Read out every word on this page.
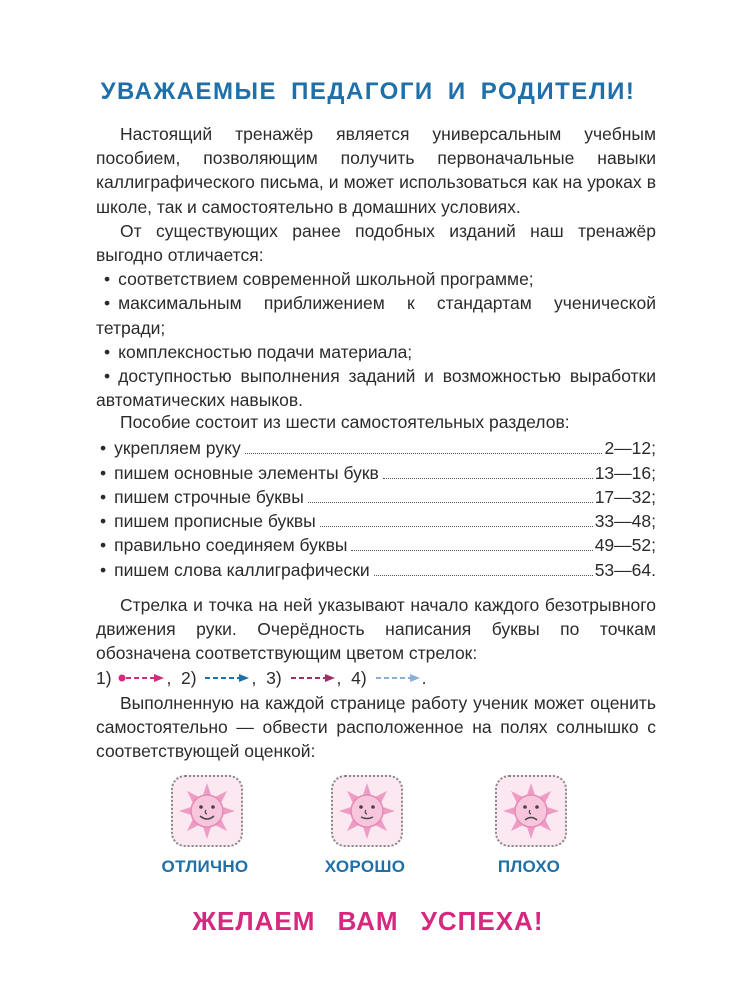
УВАЖАЕМЫЕ ПЕДАГОГИ И РОДИТЕЛИ!

Настоящий тренажёр является универсальным учебным пособием, позволяющим получить первоначальные навыки каллиграфического письма, и может использоваться как на уроках в школе, так и самостоятельно в домашних условиях.

От существующих ранее подобных изданий наш тренажёр выгодно отличается:

• соответствием современной школьной программе;

• максимальным приближением к стандартам ученической тетради;

• комплексностью подачи материала;

• доступностью выполнения заданий и возможностью выработки автоматических навыков.

Пособие состоит из шести самостоятельных разделов:

• укрепляем руку	2—12;
• пишем основные элементы букв	13—16;
• пишем строчные буквы	17—32;
• пишем прописные буквы	33—48;
• правильно соединяем буквы	49—52;
• пишем слова каллиграфически	53—64.

Стрелка и точка на ней указывают начало каждого безотрывного движения руки. Очерёдность написания буквы по точкам обозначена соответствующим цветом стрелок:

1)	, 2)	, 3)	, 4)	.

Выполненную на каждой странице работу ученик может оценить самостоятельно — обвести расположенное на полях солнышко с соответствующей оценкой:

ОТЛИЧНО	ХОРОШО	ПЛОХО
ЖЕЛАЕМ ВАМ УСПЕХА!
